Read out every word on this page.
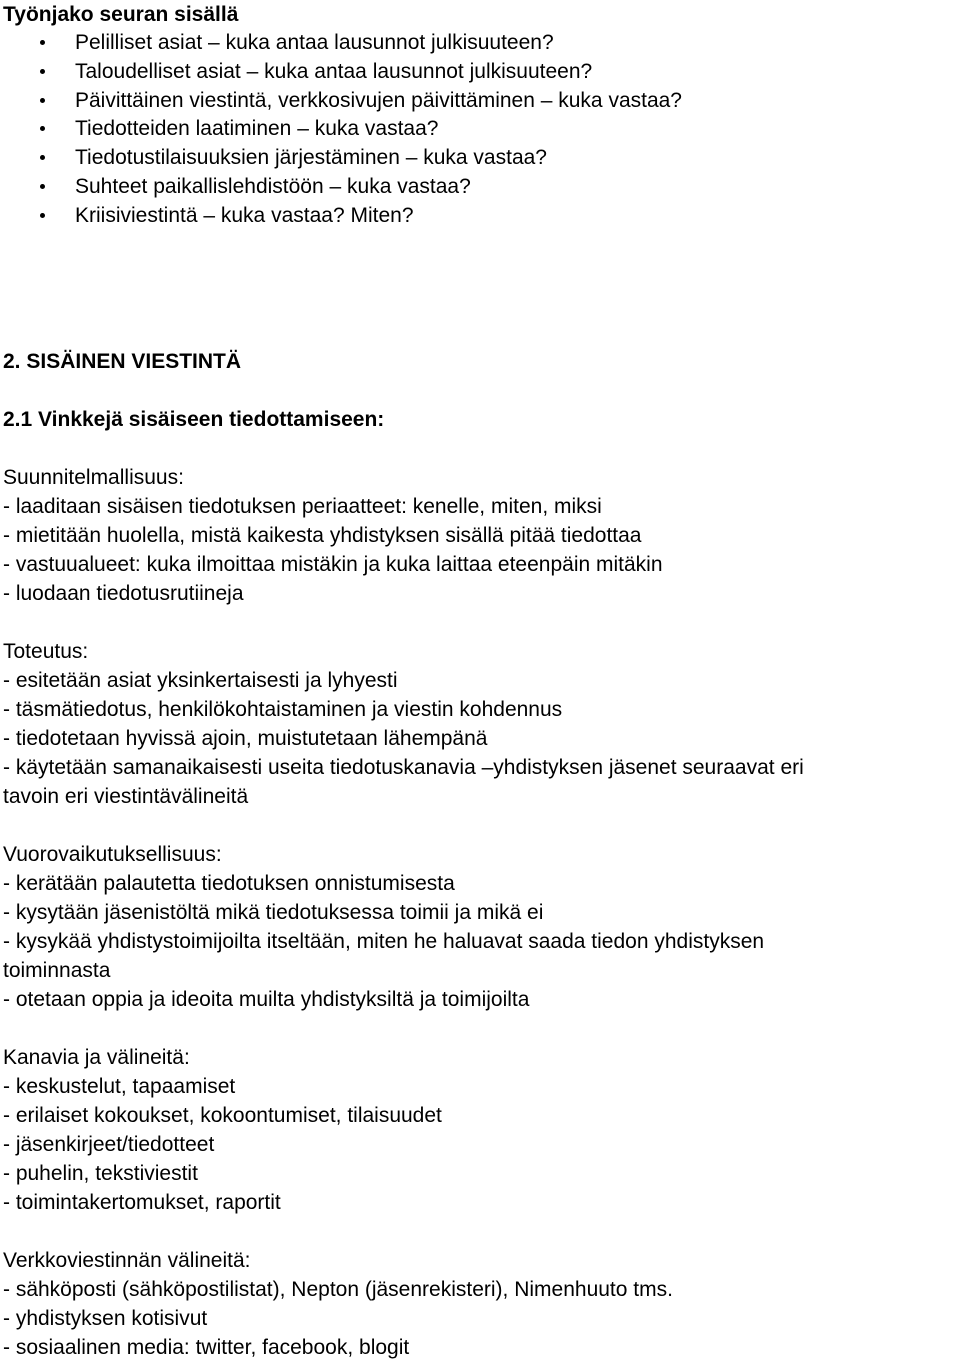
Työnjako seuran sisällä

Pelilliset asiat – kuka antaa lausunnot julkisuuteen?
Taloudelliset asiat – kuka antaa lausunnot julkisuuteen?
Päivittäinen viestintä, verkkosivujen päivittäminen – kuka vastaa?
Tiedotteiden laatiminen – kuka vastaa?
Tiedotustilaisuuksien järjestäminen – kuka vastaa?
Suhteet paikallislehdistöön – kuka vastaa?
Kriisiviestintä – kuka vastaa? Miten?

2. SISÄINEN VIESTINTÄ

2.1 Vinkkejä sisäiseen tiedottamiseen:

Suunnitelmallisuus:

- laaditaan sisäisen tiedotuksen periaatteet: kenelle, miten, miksi
- mietitään huolella, mistä kaikesta yhdistyksen sisällä pitää tiedottaa
- vastuualueet: kuka ilmoittaa mistäkin ja kuka laittaa eteenpäin mitäkin
- luodaan tiedotusrutiineja

Toteutus:

- esitetään asiat yksinkertaisesti ja lyhyesti
- täsmätiedotus, henkilökohtaistaminen ja viestin kohdennus
- tiedotetaan hyvissä ajoin, muistutetaan lähempänä
- käytetään samanaikaisesti useita tiedotuskanavia –yhdistyksen jäsenet seuraavat eri
tavoin eri viestintävälineitä

Vuorovaikutuksellisuus:

- kerätään palautetta tiedotuksen onnistumisesta
- kysytään jäsenistöltä mikä tiedotuksessa toimii ja mikä ei
- kysykää yhdistystoimijoilta itseltään, miten he haluavat saada tiedon yhdistyksen
toiminnasta
- otetaan oppia ja ideoita muilta yhdistyksiltä ja toimijoilta

Kanavia ja välineitä:

- keskustelut, tapaamiset
- erilaiset kokoukset, kokoontumiset, tilaisuudet
- jäsenkirjeet/tiedotteet
- puhelin, tekstiviestit
- toimintakertomukset, raportit

Verkkoviestinnän välineitä:

- sähköposti (sähköpostilistat), Nepton (jäsenrekisteri), Nimenhuuto tms.
- yhdistyksen kotisivut
- sosiaalinen media: twitter, facebook, blogit
